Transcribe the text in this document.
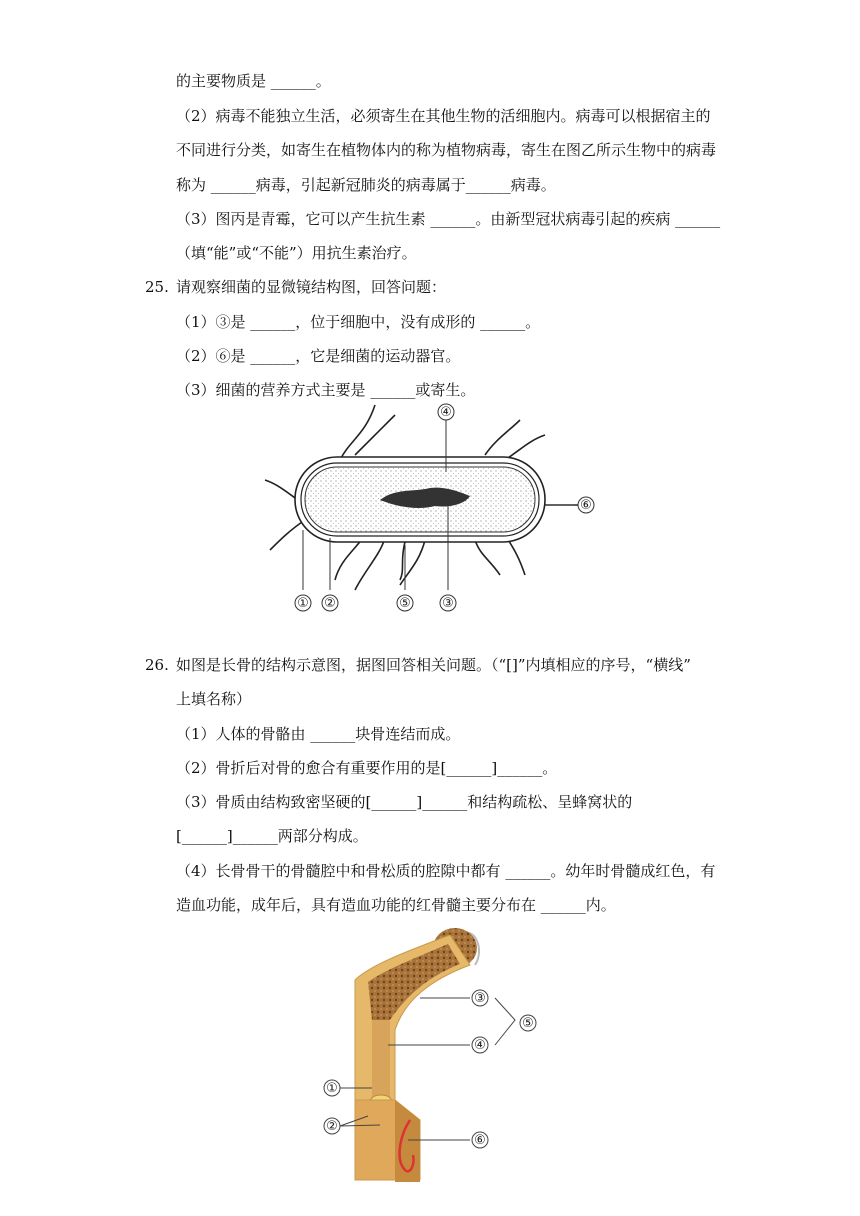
的主要物质是 ______。
（2）病毒不能独立生活，必须寄生在其他生物的活细胞内。病毒可以根据宿主的
不同进行分类，如寄生在植物体内的称为植物病毒，寄生在图乙所示生物中的病毒
称为 ______病毒，引起新冠肺炎的病毒属于______病毒。
（3）图丙是青霉，它可以产生抗生素 ______。由新型冠状病毒引起的疾病 ______
（填“能”或“不能”）用抗生素治疗。
25. 请观察细菌的显微镜结构图，回答问题：
（1）③是 ______，位于细胞中，没有成形的 ______。
（2）⑥是 ______，它是细菌的运动器官。
（3）细菌的营养方式主要是 ______或寄生。
④
① ②	⑤ ③
⑥
26. 如图是长骨的结构示意图，据图回答相关问题。（“[]”内填相应的序号，“横线”
上填名称）
（1）人体的骨骼由 ______块骨连结而成。
（2）骨折后对骨的愈合有重要作用的是[______]______。
（3）骨质由结构致密坚硬的[______]______和结构疏松、呈蜂窝状的
[______]______两部分构成。
（4）长骨骨干的骨髓腔中和骨松质的腔隙中都有 ______。幼年时骨髓成红色，有
造血功能，成年后，具有造血功能的红骨髓主要分布在 ______内。
③
④
⑤
①
②
⑥
